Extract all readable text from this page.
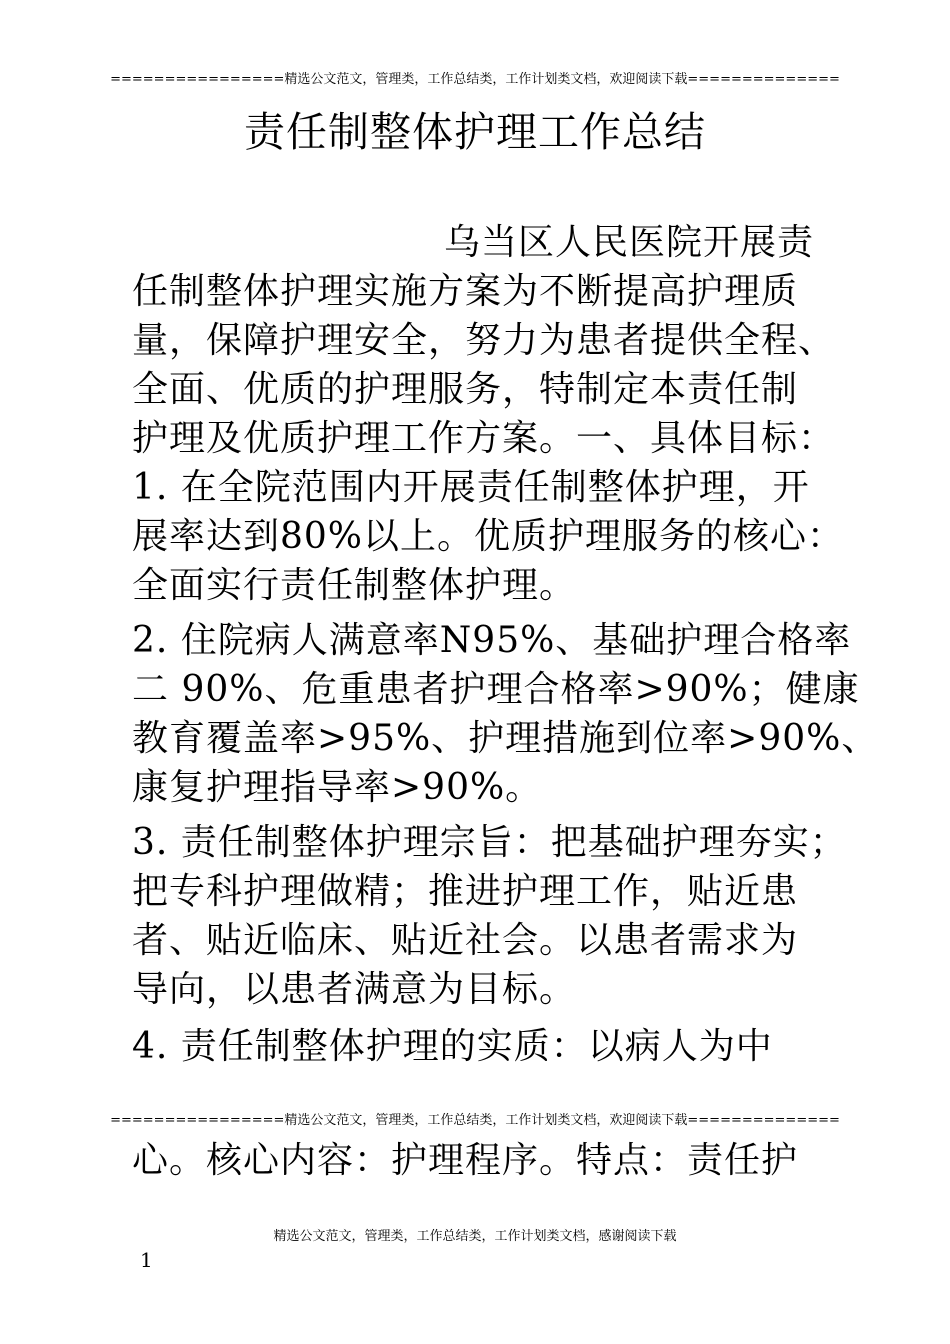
================精选公文范文，管理类，工作总结类，工作计划类文档，欢迎阅读下载==============
责任制整体护理工作总结
乌当区人民医院开展责
任制整体护理实施方案为不断提高护理质
量，保障护理安全，努力为患者提供全程、
全面、优质的护理服务，特制定本责任制
护理及优质护理工作方案。一、具体目标：
1. 在全院范围内开展责任制整体护理，开
展率达到80%以上。优质护理服务的核心：
全面实行责任制整体护理。
2. 住院病人满意率N95%、基础护理合格率
二 90%、危重患者护理合格率>90%；健康
教育覆盖率>95%、护理措施到位率>90%、
康复护理指导率>90%。
3. 责任制整体护理宗旨：把基础护理夯实；
把专科护理做精；推进护理工作，贴近患
者、贴近临床、贴近社会。以患者需求为
导向，以患者满意为目标。
4. 责任制整体护理的实质：以病人为中
================精选公文范文，管理类，工作总结类，工作计划类文档，欢迎阅读下载==============
心。核心内容：护理程序。特点：责任护
精选公文范文，管理类，工作总结类，工作计划类文档，感谢阅读下载
1
